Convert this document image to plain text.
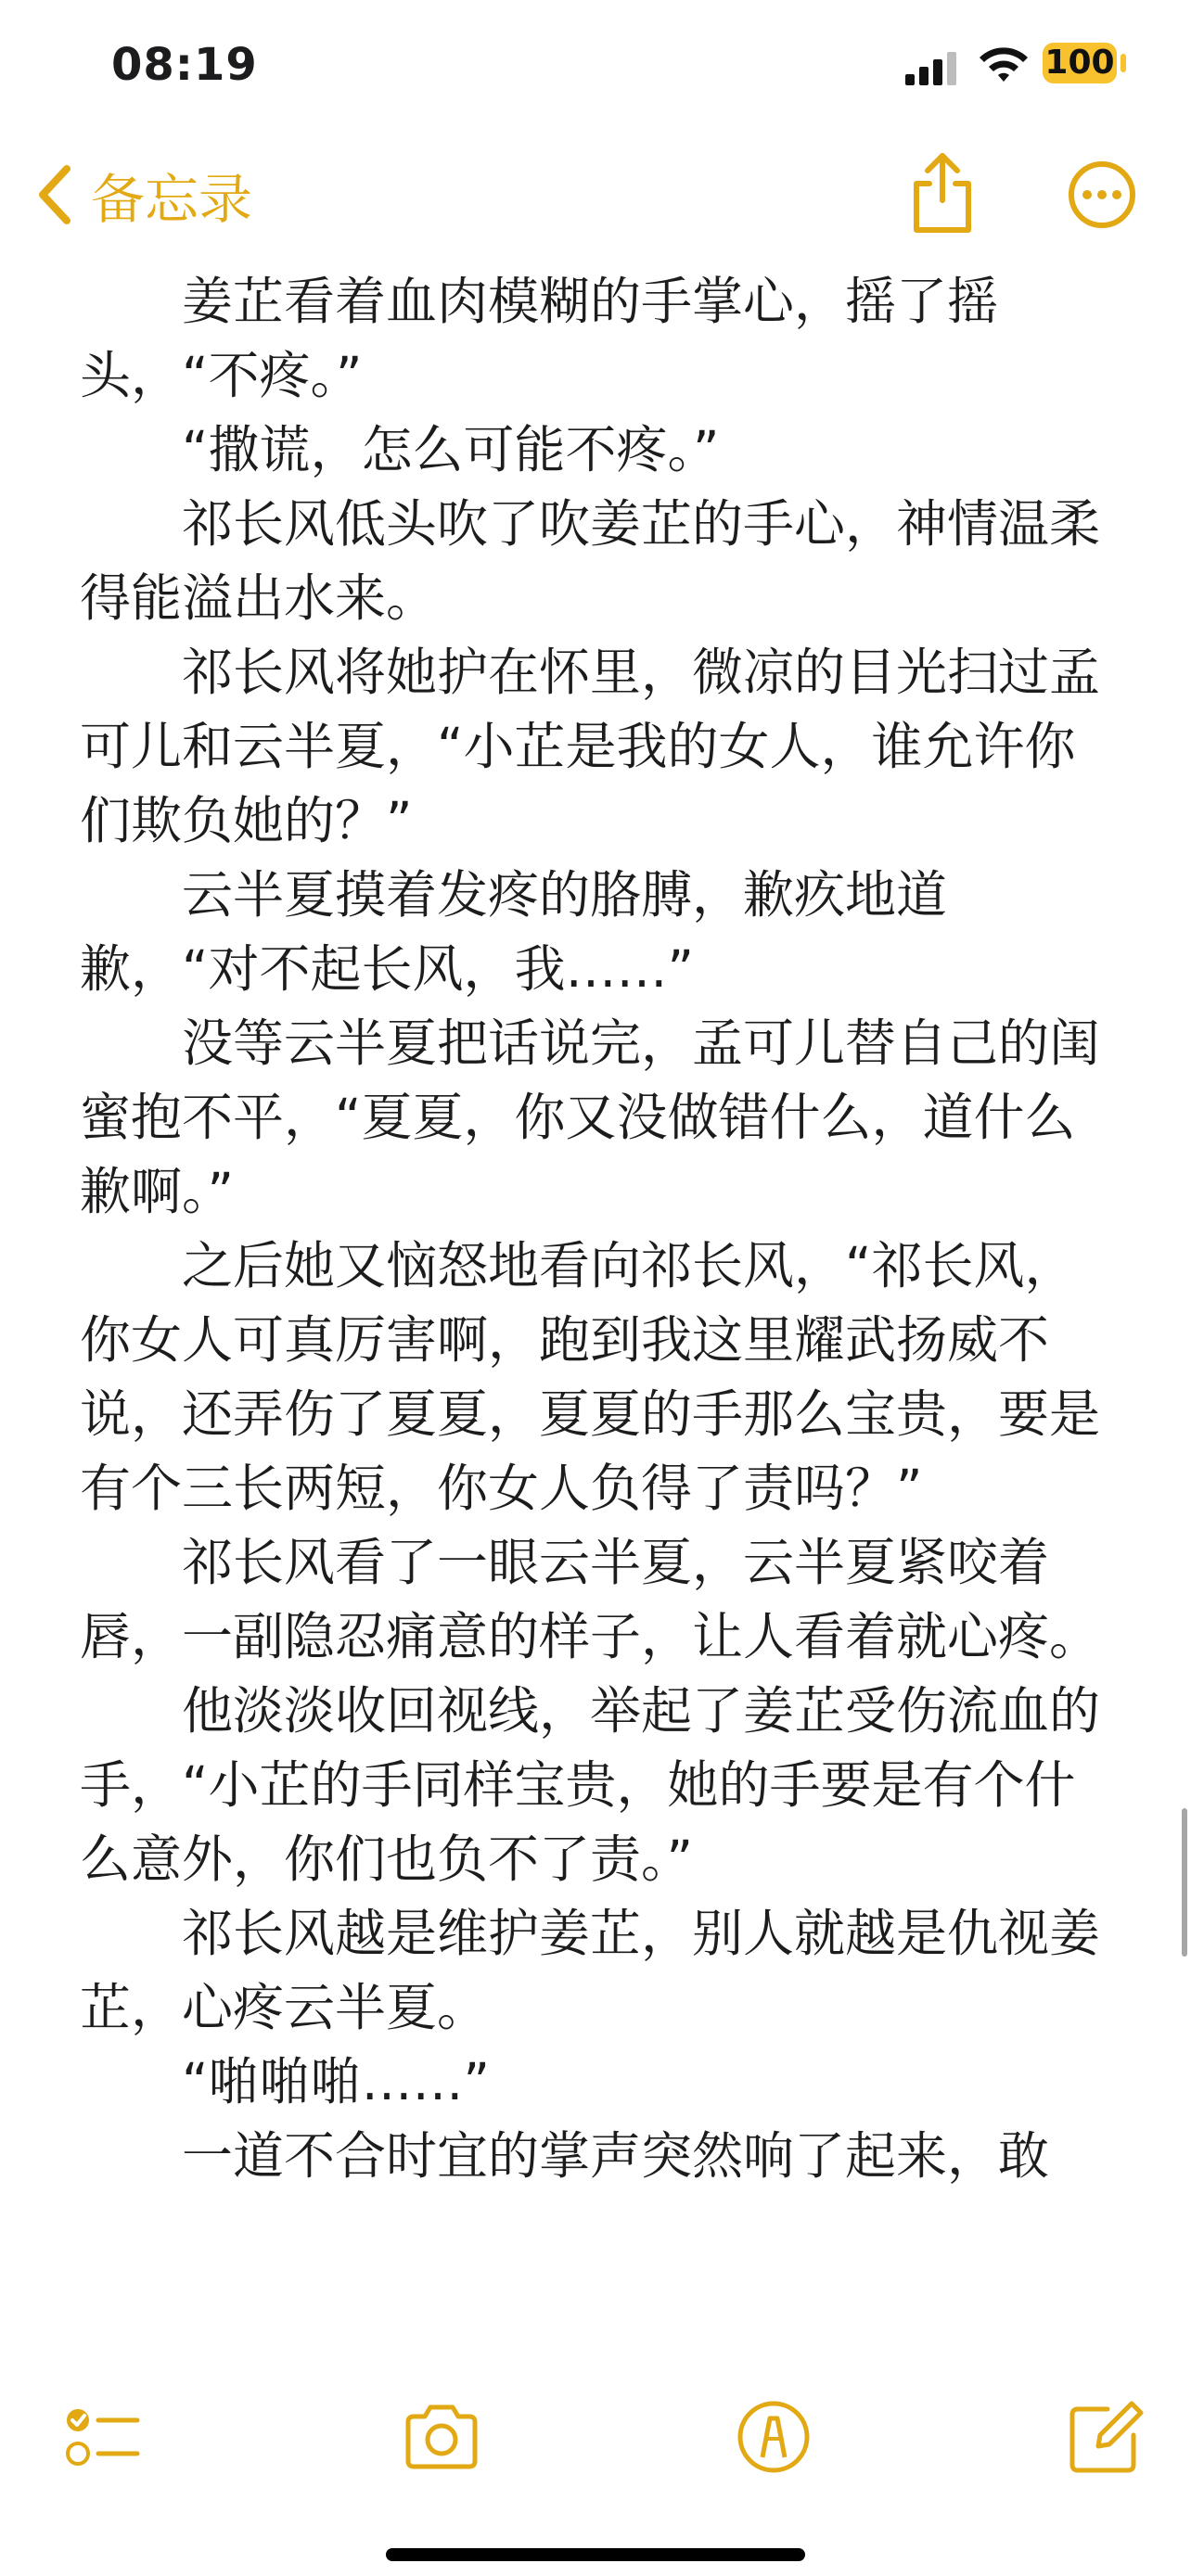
08:19	100
备忘录

姜芷看着血肉模糊的手掌心，摇了摇头，“不疼。”

“撒谎，怎么可能不疼。”

祁长风低头吹了吹姜芷的手心，神情温柔得能溢出水来。

祁长风将她护在怀里，微凉的目光扫过孟可儿和云半夏，“小芷是我的女人，谁允许你们欺负她的？”

云半夏摸着发疼的胳膊，歉疚地道歉，“对不起长风，我……”

没等云半夏把话说完，孟可儿替自己的闺蜜抱不平，“夏夏，你又没做错什么，道什么歉啊。”

之后她又恼怒地看向祁长风，“祁长风，你女人可真厉害啊，跑到我这里耀武扬威不说，还弄伤了夏夏，夏夏的手那么宝贵，要是有个三长两短，你女人负得了责吗？”

祁长风看了一眼云半夏，云半夏紧咬着唇，一副隐忍痛意的样子，让人看着就心疼。

他淡淡收回视线，举起了姜芷受伤流血的手，“小芷的手同样宝贵，她的手要是有个什么意外，你们也负不了责。”

祁长风越是维护姜芷，别人就越是仇视姜芷，心疼云半夏。

“啪啪啪……”

一道不合时宜的掌声突然响了起来，敢
